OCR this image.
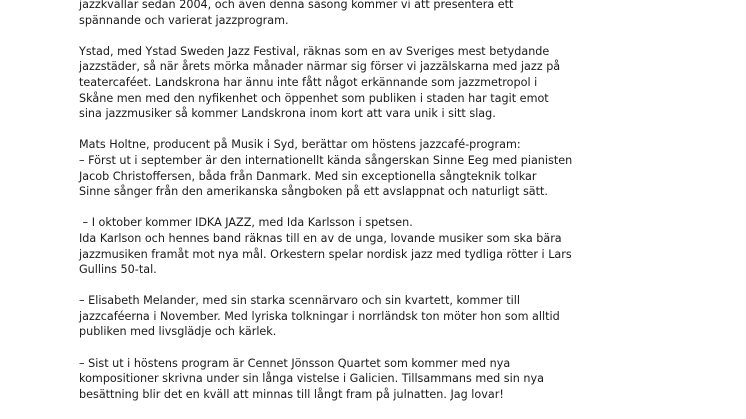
jazzkvällar sedan 2004, och även denna säsong kommer vi att presentera ett
spännande och varierat jazzprogram.

Ystad, med Ystad Sweden Jazz Festival, räknas som en av Sveriges mest betydande
jazzstäder, så när årets mörka månader närmar sig förser vi jazzälskarna med jazz på
teatercaféet. Landskrona har ännu inte fått något erkännande som jazzmetropol i
Skåne men med den nyfikenhet och öppenhet som publiken i staden har tagit emot
sina jazzmusiker så kommer Landskrona inom kort att vara unik i sitt slag.

Mats Holtne, producent på Musik i Syd, berättar om höstens jazzcafé-program:
– Först ut i september är den internationellt kända sångerskan Sinne Eeg med pianisten
Jacob Christoffersen, båda från Danmark. Med sin exceptionella sångteknik tolkar
Sinne sånger från den amerikanska sångboken på ett avslappnat och naturligt sätt.

– I oktober kommer IDKA JAZZ, med Ida Karlsson i spetsen.
Ida Karlson och hennes band räknas till en av de unga, lovande musiker som ska bära
jazzmusiken framåt mot nya mål. Orkestern spelar nordisk jazz med tydliga rötter i Lars
Gullins 50-tal.

– Elisabeth Melander, med sin starka scennärvaro och sin kvartett, kommer till
jazzcaféerna i November. Med lyriska tolkningar i norrländsk ton möter hon som alltid
publiken med livsglädje och kärlek.

– Sist ut i höstens program är Cennet Jönsson Quartet som kommer med nya
kompositioner skrivna under sin långa vistelse i Galicien. Tillsammans med sin nya
besättning blir det en kväll att minnas till långt fram på julnatten. Jag lovar!
